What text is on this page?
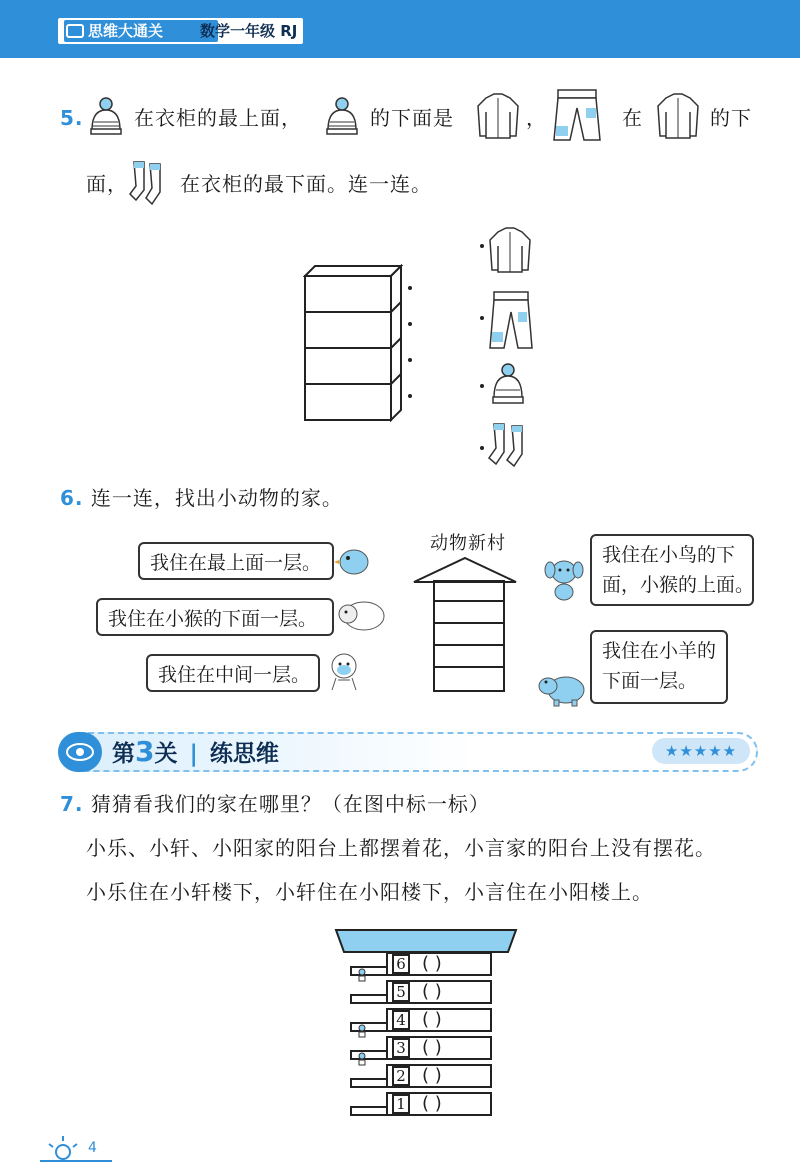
思维大通关	数学一年级 RJ
5.	在衣柜的最上面，	的下面是	，	在	的下
面，	在衣柜的最下面。连一连。
6. 连一连，找出小动物的家。
我住在最上面一层。
我住在小猴的下面一层。
我住在中间一层。
动物新村
我住在小鸟的下
面，小猴的上面。
我住在小羊的
下面一层。
第3关 | 练思维	★★★★★
7. 猜猜看我们的家在哪里？（在图中标一标）
小乐、小轩、小阳家的阳台上都摆着花，小言家的阳台上没有摆花。
小乐住在小轩楼下，小轩住在小阳楼下，小言住在小阳楼上。
6 ( )
5 ( )
4 ( )
3 ( )
2 ( )
1 ( )
4
